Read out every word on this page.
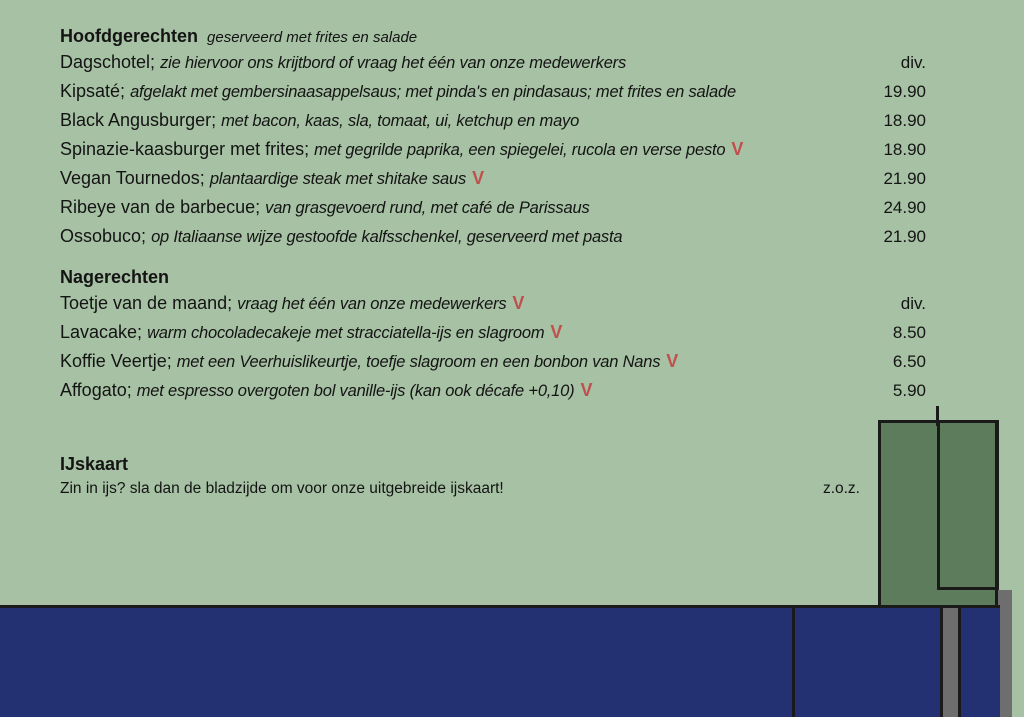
Hoofdgerechten geserveerd met frites en salade
Dagschotel; zie hiervoor ons krijtbord of vraag het één van onze medewerkers	div.
Kipsaté; afgelakt met gembersinaasappelsaus; met pinda's en pindasaus; met frites en salade	19.90
Black Angusburger; met bacon, kaas, sla, tomaat, ui, ketchup en mayo	18.90
Spinazie-kaasburger met frites; met gegrilde paprika, een spiegelei, rucola en verse pesto V	18.90
Vegan Tournedos; plantaardige steak met shitake saus V	21.90
Ribeye van de barbecue; van grasgevoerd rund, met café de Parissaus	24.90
Ossobuco; op Italiaanse wijze gestoofde kalfsschenkel, geserveerd met pasta	21.90
Nagerechten
Toetje van de maand; vraag het één van onze medewerkers V	div.
Lavacake; warm chocoladecakeje met stracciatella-ijs en slagroom V	8.50
Koffie Veertje; met een Veerhuislikeurtje, toefje slagroom en een bonbon van Nans V	6.50
Affogato; met espresso overgoten bol vanille-ijs (kan ook décafe +0,10) V	5.90
IJskaart
Zin in ijs? sla dan de bladzijde om voor onze uitgebreide ijskaart!	z.o.z.
